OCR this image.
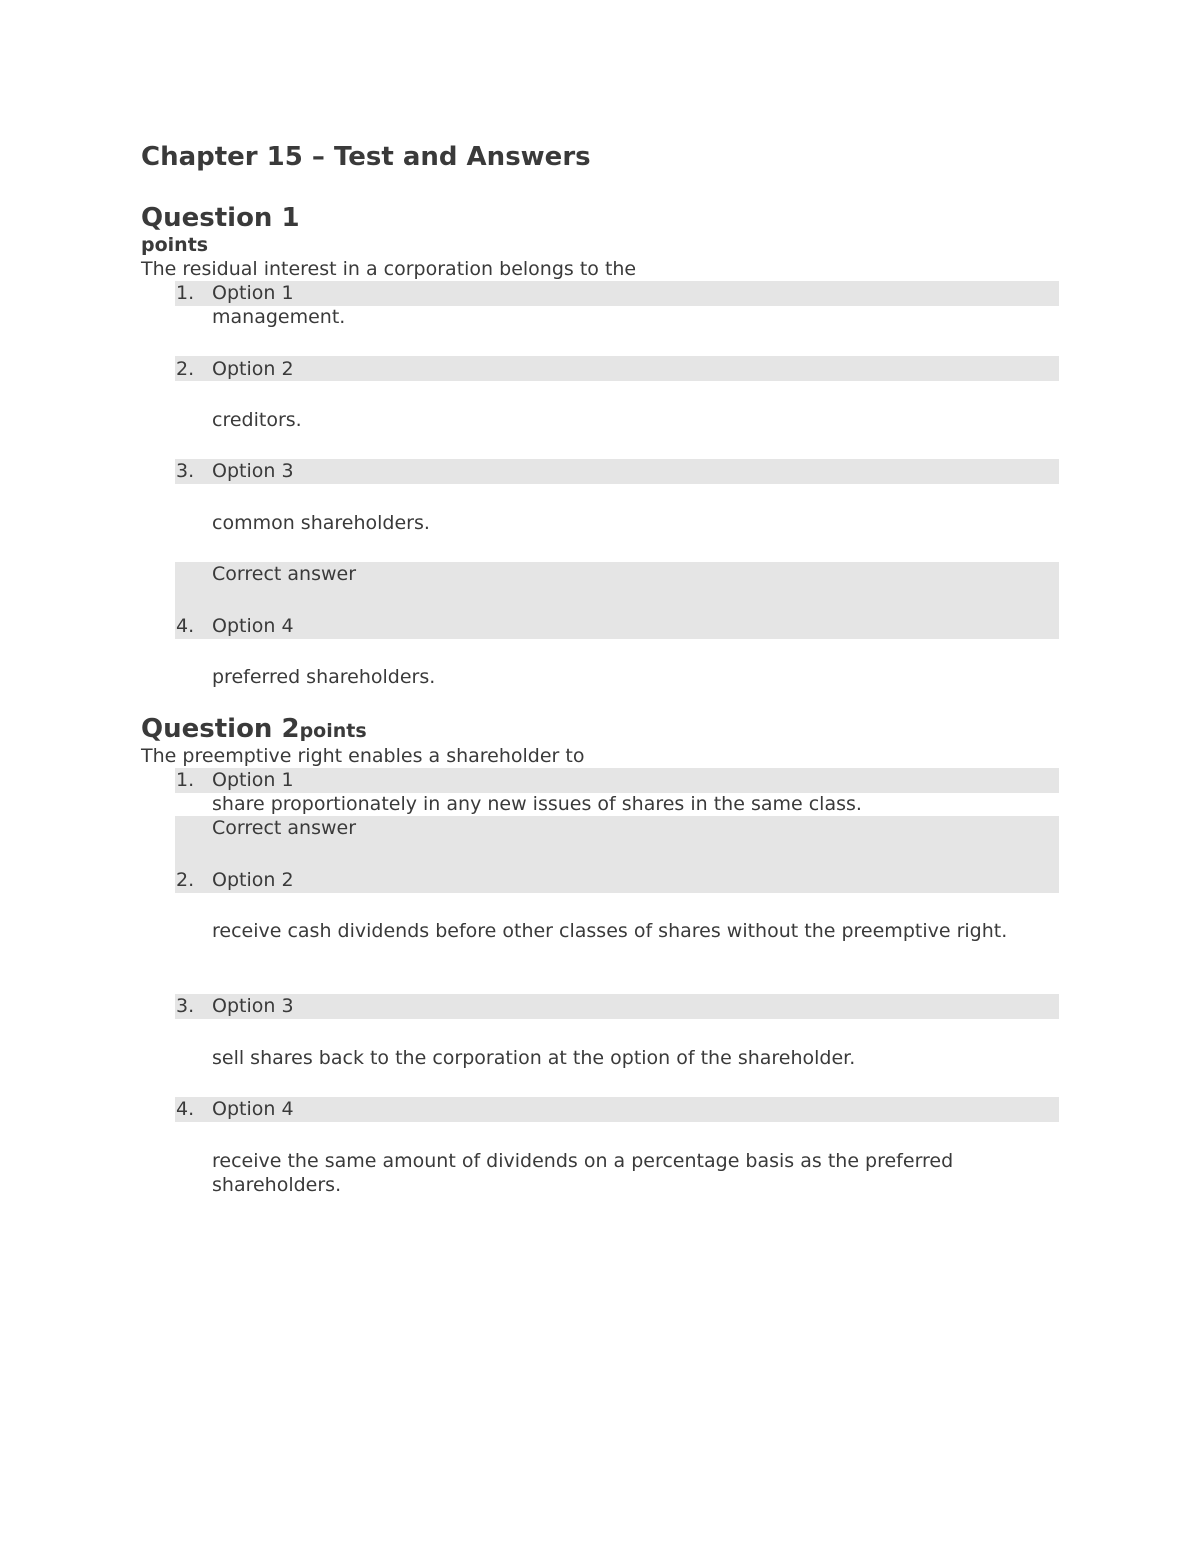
Chapter 15 – Test and Answers
Question 1
points
The residual interest in a corporation belongs to the
1. Option 1
management.
2. Option 2
creditors.
3. Option 3
common shareholders.
Correct answer
4. Option 4
preferred shareholders.
Question 2points
The preemptive right enables a shareholder to
1. Option 1
share proportionately in any new issues of shares in the same class.
Correct answer
2. Option 2
receive cash dividends before other classes of shares without the preemptive right.
3. Option 3
sell shares back to the corporation at the option of the shareholder.
4. Option 4
receive the same amount of dividends on a percentage basis as the preferred shareholders.
